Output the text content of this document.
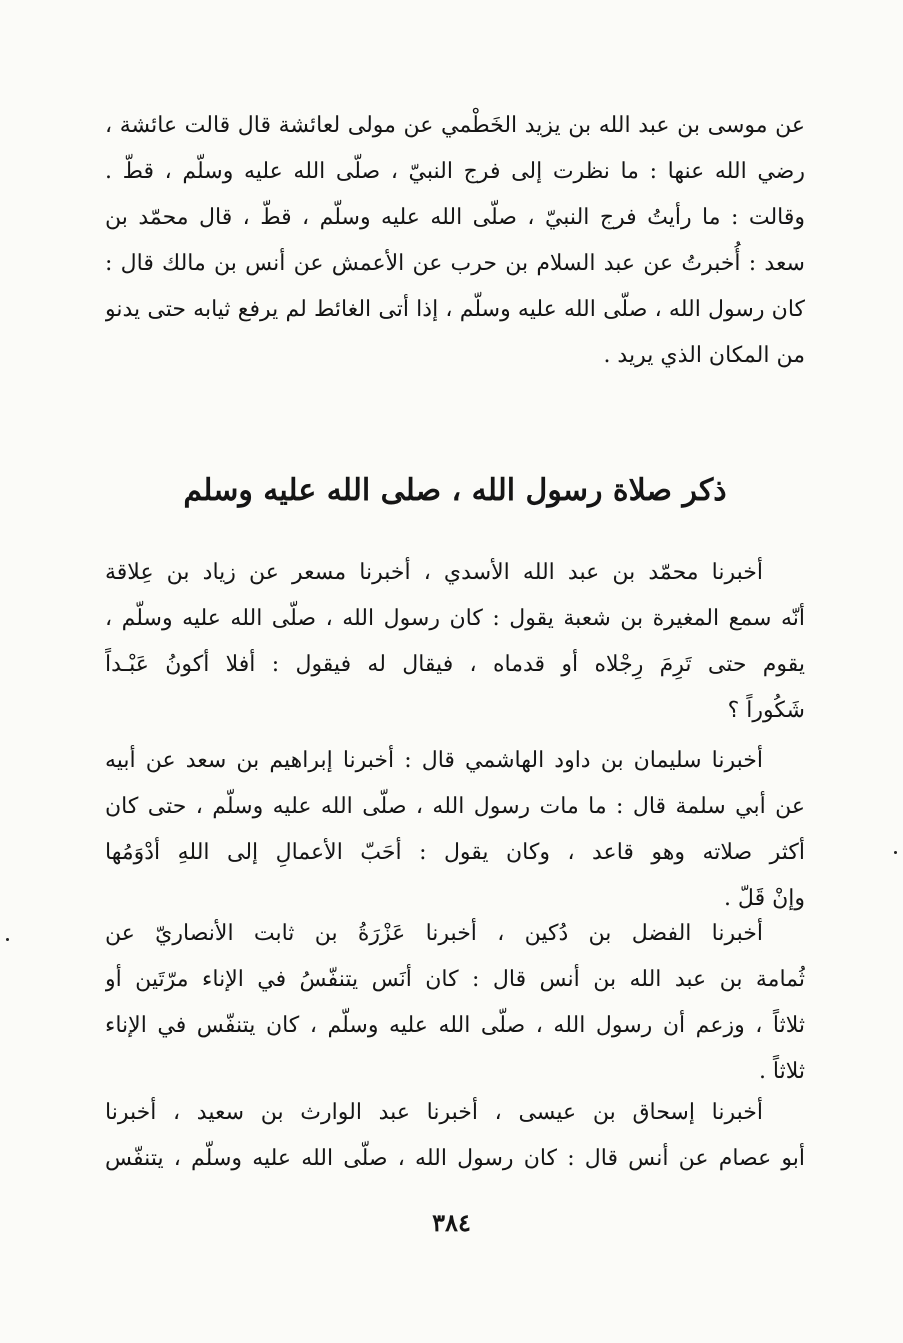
عن موسى بن عبد الله بن يزيد الخَطْمي عن مولى لعائشة قال قالت عائشة ،
رضي الله عنها : ما نظرت إلى فرج النبيّ ، صلّى الله عليه وسلّم ، قطّ .
وقالت : ما رأيتُ فرج النبيّ ، صلّى الله عليه وسلّم ، قطّ ، قال محمّد بن
سعد : أُخبرتُ عن عبد السلام بن حرب عن الأعمش عن أنس بن مالك قال :
كان رسول الله ، صلّى الله عليه وسلّم ، إذا أتى الغائط لم يرفع ثيابه حتى يدنو
من المكان الذي يريد .
ذكر صلاة رسول الله ، صلى الله عليه وسلم
أخبرنا محمّد بن عبد الله الأسدي ، أخبرنا مسعر عن زياد بن عِلاقة
أنّه سمع المغيرة بن شعبة يقول : كان رسول الله ، صلّى الله عليه وسلّم ،
يقوم حتى تَرِمَ رِجْلاه أو قدماه ، فيقال له فيقول : أفلا أكونُ عَبْـداً
شَكُوراً ؟
أخبرنا سليمان بن داود الهاشمي قال : أخبرنا إبراهيم بن سعد عن أبيه
عن أبي سلمة قال : ما مات رسول الله ، صلّى الله عليه وسلّم ، حتى كان
أكثر صلاته وهو قاعد ، وكان يقول : أحَبّ الأعمالِ إلى اللهِ أدْوَمُها
وإنْ قَلّ .
أخبرنا الفضل بن دُكين ، أخبرنا عَزْرَةُ بن ثابت الأنصاريّ عن
ثُمامة بن عبد الله بن أنس قال : كان أنَس يتنفّسُ في الإناء مرّتَين أو
ثلاثاً ، وزعم أن رسول الله ، صلّى الله عليه وسلّم ، كان يتنفّس في الإناء
ثلاثاً .
أخبرنا إسحاق بن عيسى ، أخبرنا عبد الوارث بن سعيد ، أخبرنا
أبو عصام عن أنس قال : كان رسول الله ، صلّى الله عليه وسلّم ، يتنفّس
٣٨٤
